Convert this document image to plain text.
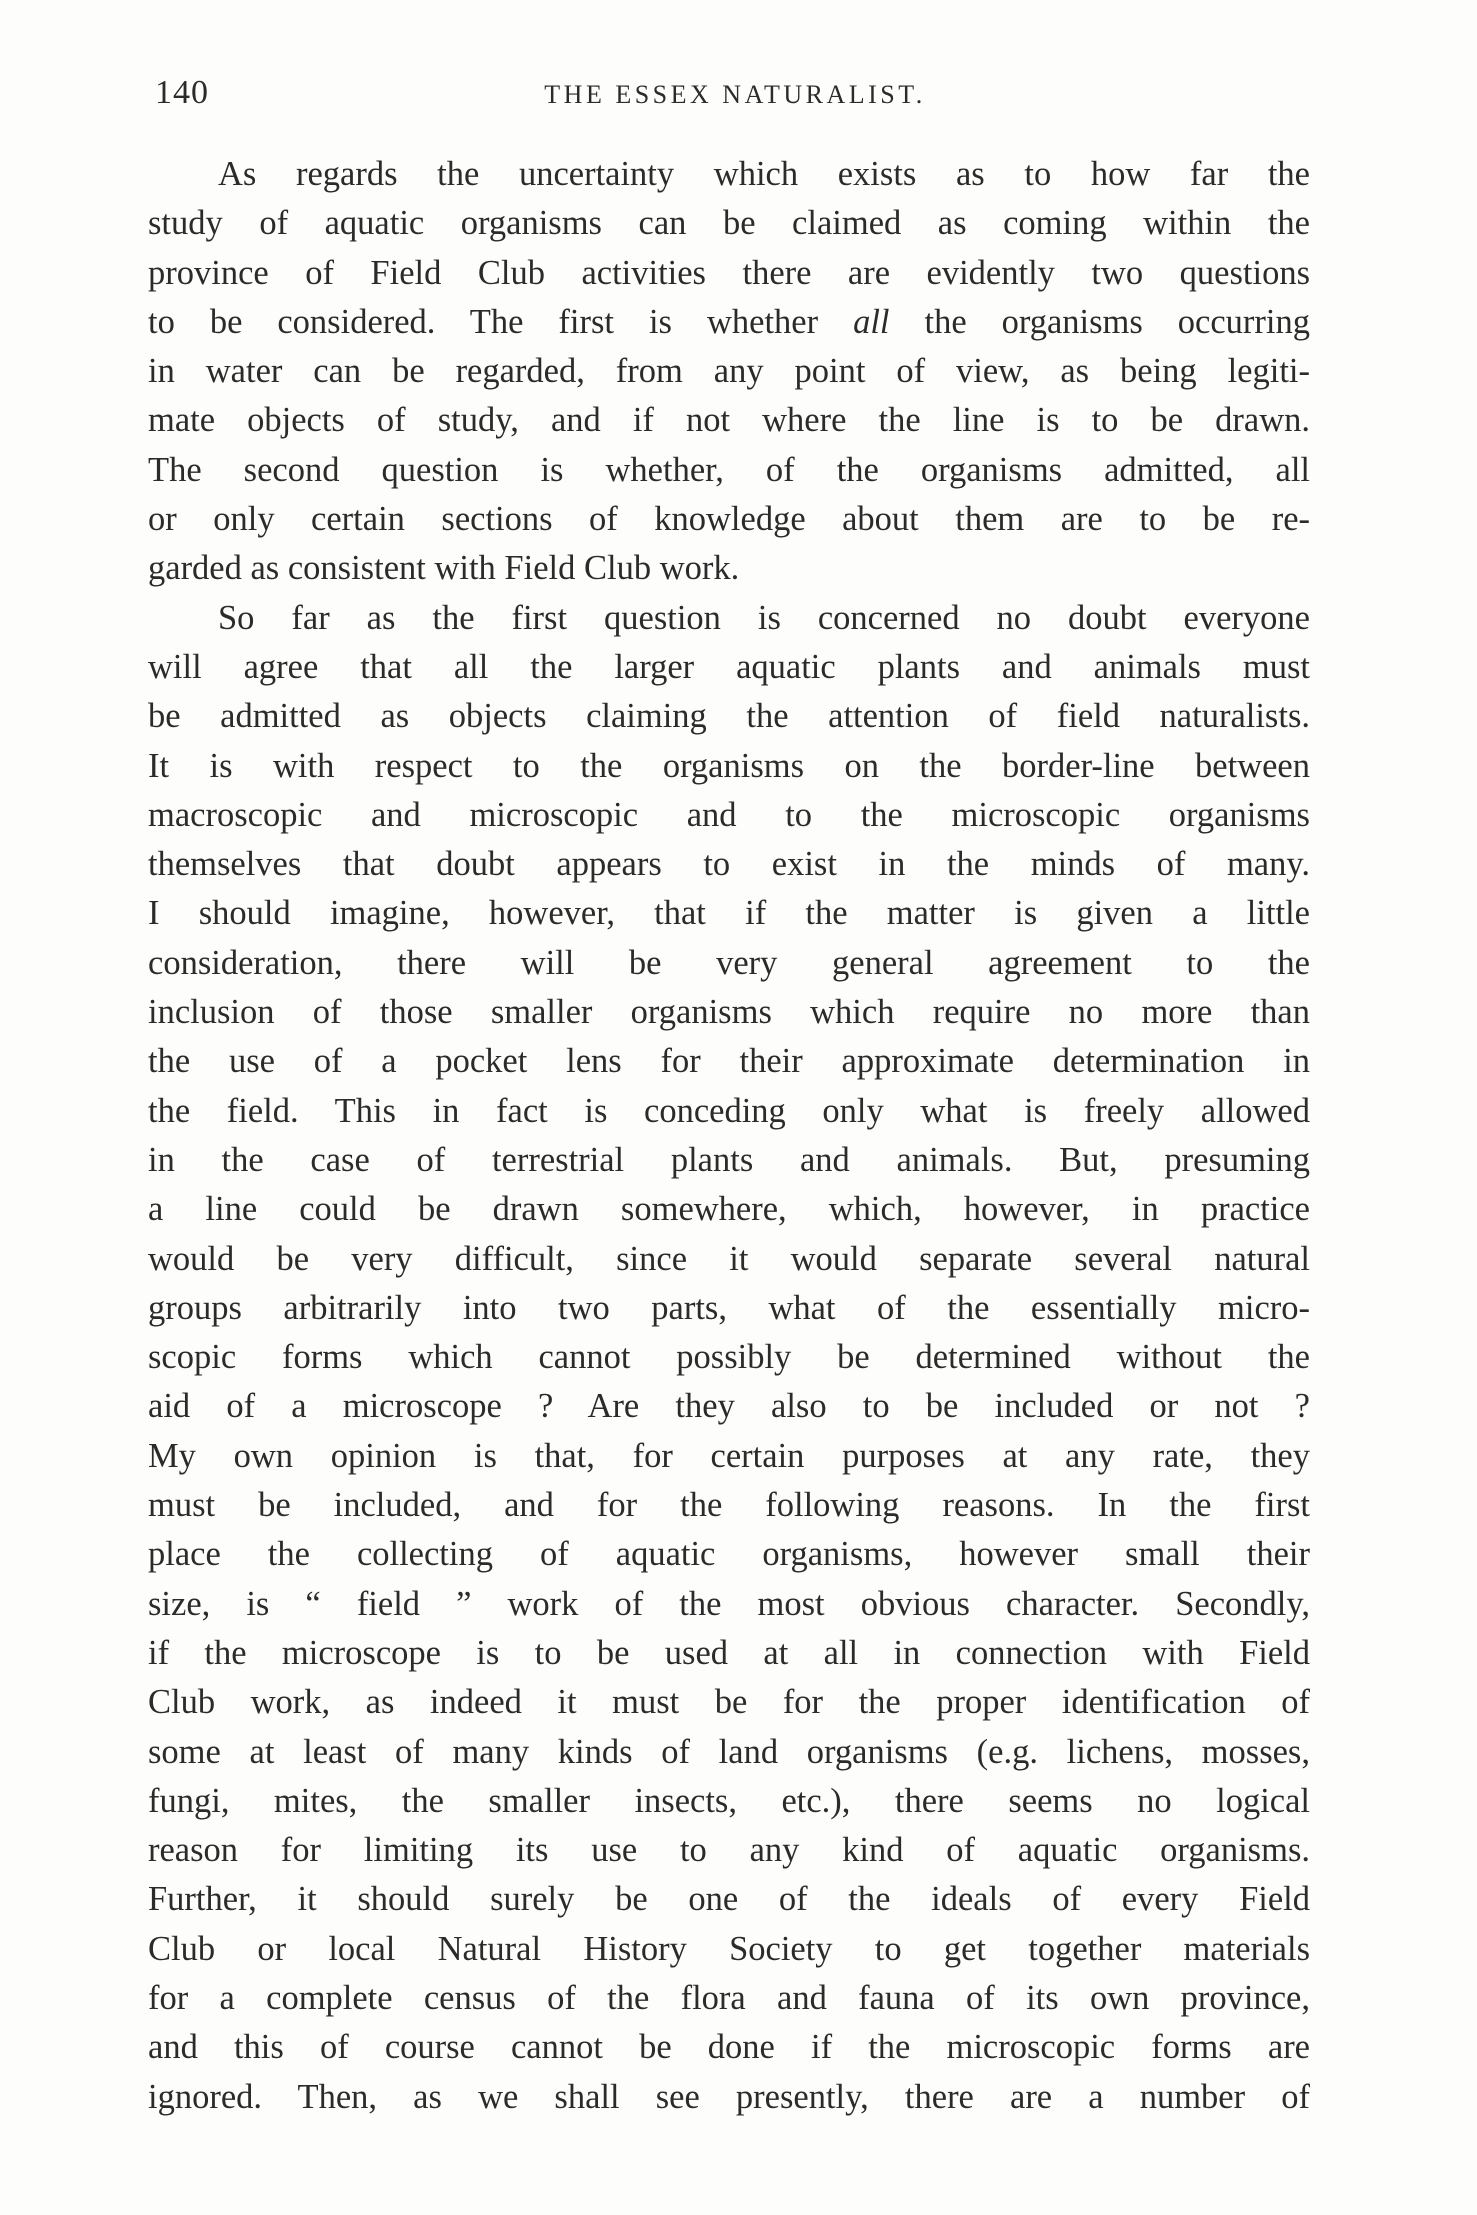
140	THE ESSEX NATURALIST.
As regards the uncertainty which exists as to how far the
study of aquatic organisms can be claimed as coming within the
province of Field Club activities there are evidently two questions
to be considered. The first is whether all the organisms occurring
in water can be regarded, from any point of view, as being legiti-
mate objects of study, and if not where the line is to be drawn.
The second question is whether, of the organisms admitted, all
or only certain sections of knowledge about them are to be re-
garded as consistent with Field Club work.
So far as the first question is concerned no doubt everyone
will agree that all the larger aquatic plants and animals must
be admitted as objects claiming the attention of field naturalists.
It is with respect to the organisms on the border-line between
macroscopic and microscopic and to the microscopic organisms
themselves that doubt appears to exist in the minds of many.
I should imagine, however, that if the matter is given a little
consideration, there will be very general agreement to the
inclusion of those smaller organisms which require no more than
the use of a pocket lens for their approximate determination in
the field. This in fact is conceding only what is freely allowed
in the case of terrestrial plants and animals. But, presuming
a line could be drawn somewhere, which, however, in practice
would be very difficult, since it would separate several natural
groups arbitrarily into two parts, what of the essentially micro-
scopic forms which cannot possibly be determined without the
aid of a microscope ? Are they also to be included or not ?
My own opinion is that, for certain purposes at any rate, they
must be included, and for the following reasons. In the first
place the collecting of aquatic organisms, however small their
size, is “ field ” work of the most obvious character. Secondly,
if the microscope is to be used at all in connection with Field
Club work, as indeed it must be for the proper identification of
some at least of many kinds of land organisms (e.g. lichens, mosses,
fungi, mites, the smaller insects, etc.), there seems no logical
reason for limiting its use to any kind of aquatic organisms.
Further, it should surely be one of the ideals of every Field
Club or local Natural History Society to get together materials
for a complete census of the flora and fauna of its own province,
and this of course cannot be done if the microscopic forms are
ignored. Then, as we shall see presently, there are a number of
